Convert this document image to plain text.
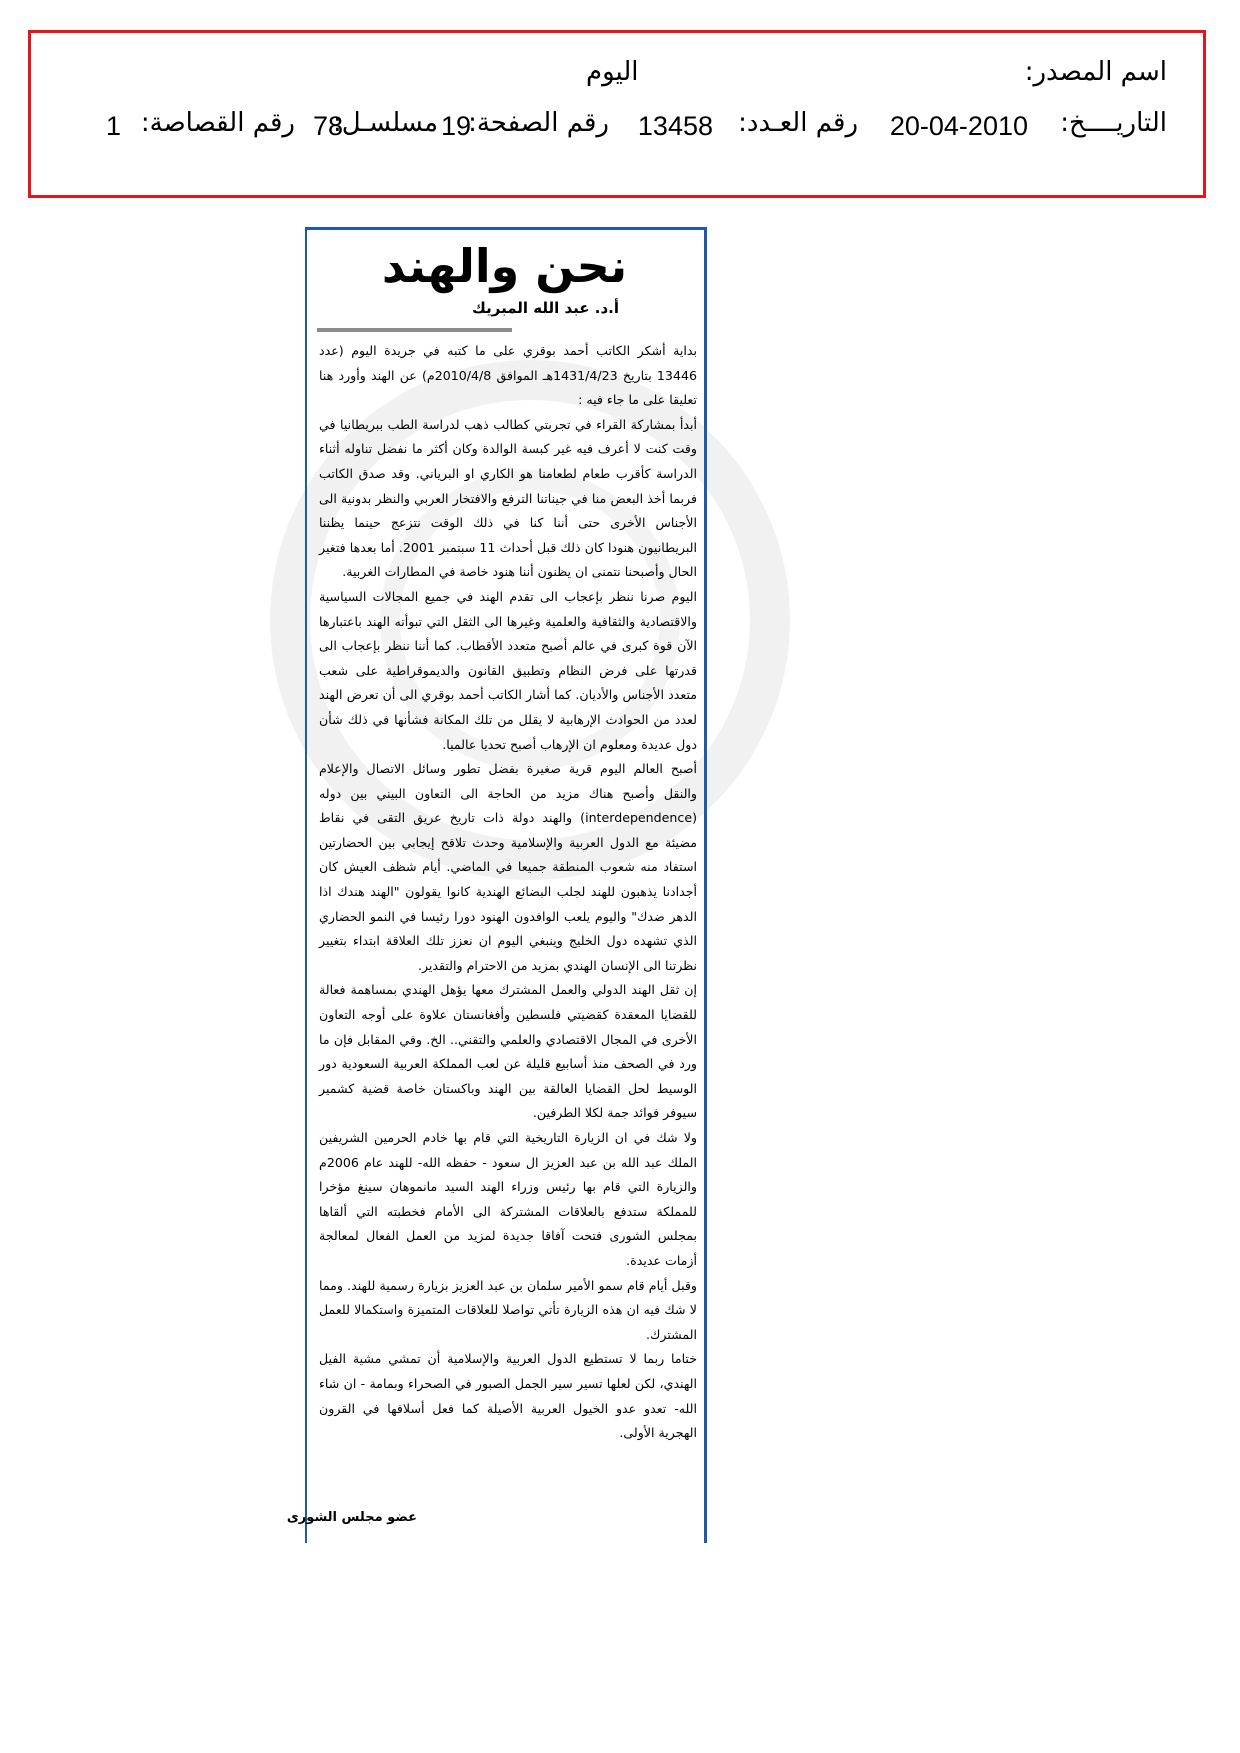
اسم المصدر:
اليوم
التاريــــخ:
20-04-2010
رقم العـدد:
13458
رقم الصفحة:
19
مسلسـل:
78
رقم القصاصة:
1
نحن والهند
أ.د. عبد الله المبريك

بداية أشكر الكاتب أحمد بوقري على ما كتبه في جريدة اليوم (عدد 13446 بتاريخ 1431/4/23هـ الموافق 2010/4/8م) عن الهند وأورد هنا تعليقا على ما جاء فيه :

أبدأ بمشاركة القراء في تجربتي كطالب ذهب لدراسة الطب ببريطانيا في وقت كنت لا أعرف فيه غير كبسة الوالدة وكان أكثر ما نفضل تناوله أثناء الدراسة كأقرب طعام لطعامنا هو الكاري او البرياني. وقد صدق الكاتب فربما أخذ البعض منا في جيناتنا الترفع والافتخار العربي والنظر بدونية الى الأجناس الأخرى حتى أننا كنا في ذلك الوقت نتزعج حينما يظننا البريطانيون هنودا كان ذلك قبل أحداث 11 سبتمبر 2001. أما بعدها فتغير الحال وأصبحنا نتمنى ان يظنون أننا هنود خاصة في المطارات الغربية.

اليوم صرنا ننظر بإعجاب الى تقدم الهند في جميع المجالات السياسية والاقتصادية والثقافية والعلمية وغيرها الى الثقل التي تبوأته الهند باعتبارها الآن قوة كبرى في عالم أصبح متعدد الأقطاب. كما أننا ننظر بإعجاب الى قدرتها على فرض النظام وتطبيق القانون والديموقراطية على شعب متعدد الأجناس والأديان. كما أشار الكاتب أحمد بوقري الى أن تعرض الهند لعدد من الحوادث الإرهابية لا يقلل من تلك المكانة فشأنها في ذلك شأن دول عديدة ومعلوم ان الإرهاب أصبح تحديا عالميا.

أصبح العالم اليوم قرية صغيرة بفضل تطور وسائل الاتصال والإعلام والنقل وأصبح هناك مزيد من الحاجة الى التعاون البيني بين دوله (interdependence) والهند دولة ذات تاريخ عريق التقى في نقاط مضيئة مع الدول العربية والإسلامية وحدث تلاقح إيجابي بين الحضارتين استفاد منه شعوب المنطقة جميعا في الماضي. أيام شظف العيش كان أجدادنا يذهبون للهند لجلب البضائع الهندية كانوا يقولون "الهند هندك اذا الدهر ضدك" واليوم يلعب الوافدون الهنود دورا رئيسا في النمو الحضاري الذي تشهده دول الخليج وينبغي اليوم ان نعزز تلك العلاقة ابتداء بتغيير نظرتنا الى الإنسان الهندي بمزيد من الاحترام والتقدير.

إن ثقل الهند الدولي والعمل المشترك معها يؤهل الهندي بمساهمة فعالة للقضايا المعقدة كقضيتي فلسطين وأفغانستان علاوة على أوجه التعاون الأخرى في المجال الاقتصادي والعلمي والتقني.. الخ. وفي المقابل فإن ما ورد في الصحف منذ أسابيع قليلة عن لعب المملكة العربية السعودية دور الوسيط لحل القضايا العالقة بين الهند وباكستان خاصة قضية كشمير سيوفر فوائد جمة لكلا الطرفين.

ولا شك في ان الزيارة التاريخية التي قام بها خادم الحرمين الشريفين الملك عبد الله بن عبد العزيز ال سعود - حفظه الله- للهند عام 2006م والزيارة التي قام بها رئيس وزراء الهند السيد مانموهان سينغ مؤخرا للمملكة ستدفع بالعلاقات المشتركة الى الأمام فخطبته التي ألقاها بمجلس الشورى فتحت آفاقا جديدة لمزيد من العمل الفعال لمعالجة أزمات عديدة.

وقبل أيام قام سمو الأمير سلمان بن عبد العزيز بزيارة رسمية للهند. ومما لا شك فيه ان هذه الزيارة تأتي تواصلا للعلاقات المتميزة واستكمالا للعمل المشترك.

ختاما ربما لا تستطيع الدول العربية والإسلامية أن تمشي مشية الفيل الهندي، لكن لعلها تسير سير الجمل الصبور في الصحراء وبمامة - ان شاء الله- تعدو عدو الخيول العربية الأصيلة كما فعل أسلافها في القرون الهجرية الأولى.

عضو مجلس الشورى
